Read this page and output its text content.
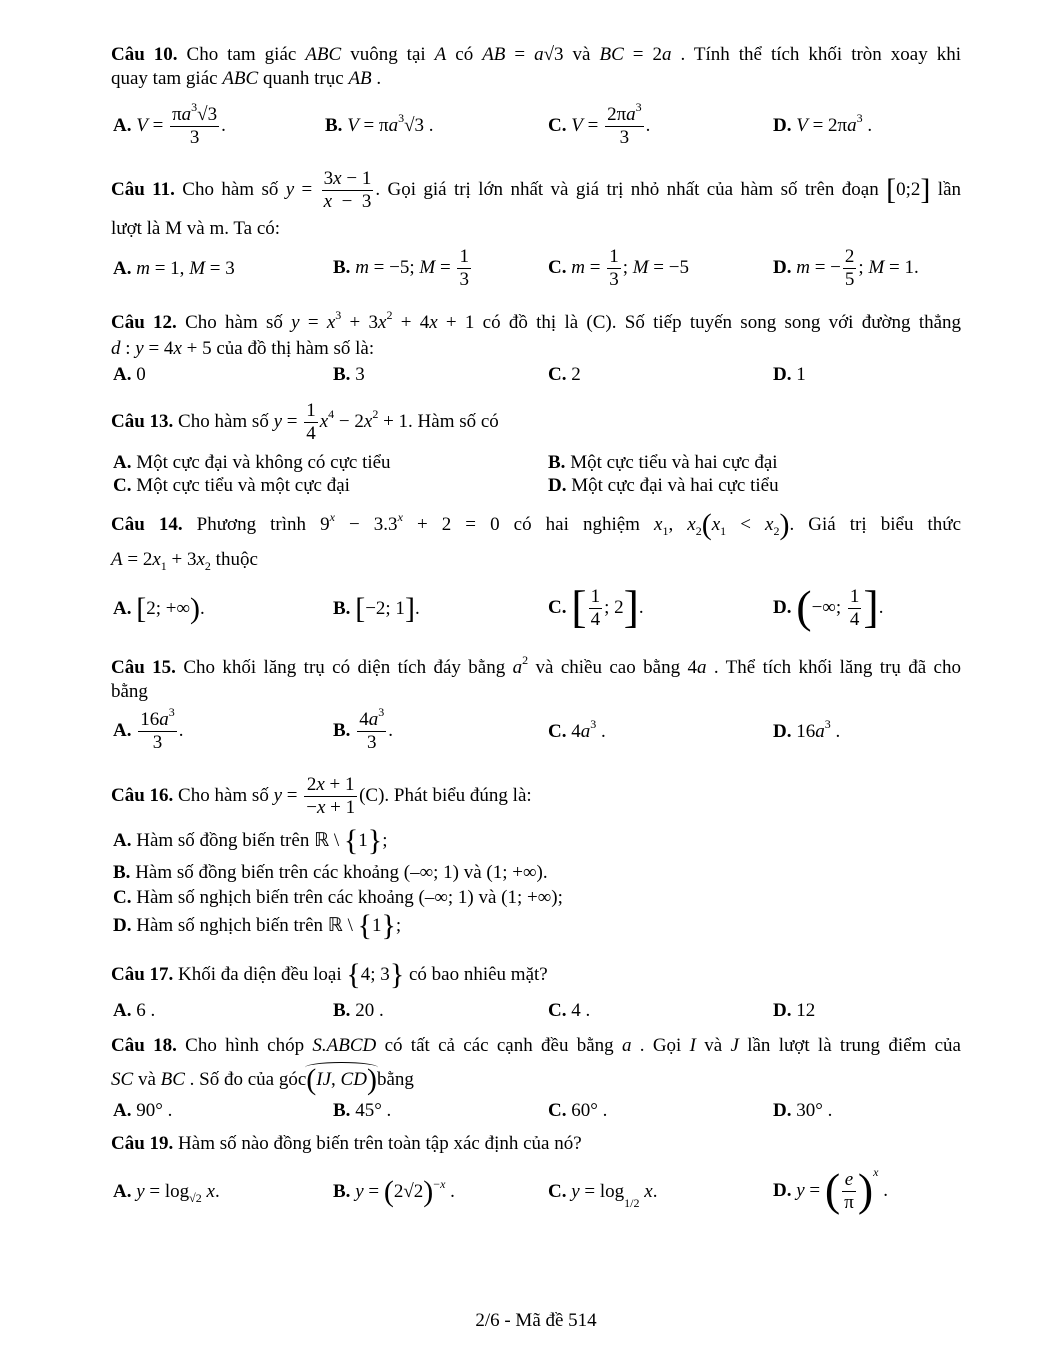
Câu 10. Cho tam giác ABC vuông tại A có AB = a√3 và BC = 2a . Tính thể tích khối tròn xoay khi
quay tam giác ABC quanh trục AB .
A. $V = \frac{\pi a^3√3}{3}$ .	B. $V = \pi a^3√3$ .	C. $V = \frac{2\pi a^3}{3}$ .	D. $V = 2\pi a^3$ .
Câu 11. Cho hàm số $y = \frac{3x - 1}{x - 3}$ . Gọi giá trị lớn nhất và giá trị nhỏ nhất của hàm số trên đoạn [0;2] lần
lượt là M và m. Ta có:
A. m = 1, M = 3	B. m = −5; $M = \frac{1}{3}$	C. $m = \frac{1}{3}$ ; M = −5	D. m = − $\frac{2}{5}$ ; M = 1.
Câu 12. Cho hàm số $y = x^3 + 3x^2 + 4x + 1$ có đồ thị là (C). Số tiếp tuyến song song với đường thẳng
d : y = 4x + 5 của đồ thị hàm số là:
A. 0	B. 3	C. 2	D. 1
Câu 13. Cho hàm số $y = \frac{1}{4} x^4 - 2x^2 + 1$. Hàm số có
A. Một cực đại và không có cực tiểu	B. Một cực tiểu và hai cực đại
C. Một cực tiểu và một cực đại	D. Một cực đại và hai cực tiểu
Câu 14. Phương trình $9^x - 3.3^x + 2 = 0$ có hai nghiệm $x_1$, $x_2(x_1 < x_2)$. Giá trị biểu thức
$A = 2x_1 + 3x_2$ thuộc
A. [2; +∞).	B. [−2; 1].	C. [ $\frac{1}{4}$ ; 2].	D. (−∞; $\frac{1}{4}$ ].
Câu 15. Cho khối lăng trụ có diện tích đáy bằng $a^2$ và chiều cao bằng 4a . Thể tích khối lăng trụ đã cho
bằng
A. $\frac{16a^3}{3}$ .	B. $\frac{4a^3}{3}$ .	C. $4a^3$ .	D. $16a^3$ .
Câu 16. Cho hàm số $y = \frac{2x + 1}{-x + 1} (C)$. Phát biểu đúng là:
A. Hàm số đồng biến trên ℝ \ {1};
B. Hàm số đồng biến trên các khoảng (–∞; 1) và (1; +∞).
C. Hàm số nghịch biến trên các khoảng (–∞; 1) và (1; +∞);
D. Hàm số nghịch biến trên ℝ \ {1};
Câu 17. Khối đa diện đều loại {4; 3} có bao nhiêu mặt?
A. 6 .	B. 20 .	C. 4 .	D. 12
Câu 18. Cho hình chóp S.ABCD có tất cả các cạnh đều bằng a . Gọi I và J lần lượt là trung điểm của
SC và BC . Số đo của góc(IJ, CD)bằng
A. 90° .	B. 45° .	C. 60° .	D. 30° .
Câu 19. Hàm số nào đồng biến trên toàn tập xác định của nó?
A. $y = \log_{√2} x$.	B. $y = (2√2)^{-x}$ .	C. $y = \log_{1/2} x$.	D. y = ( $\frac{e}{\pi} )^x$ .
2/6 - Mã đề 514
